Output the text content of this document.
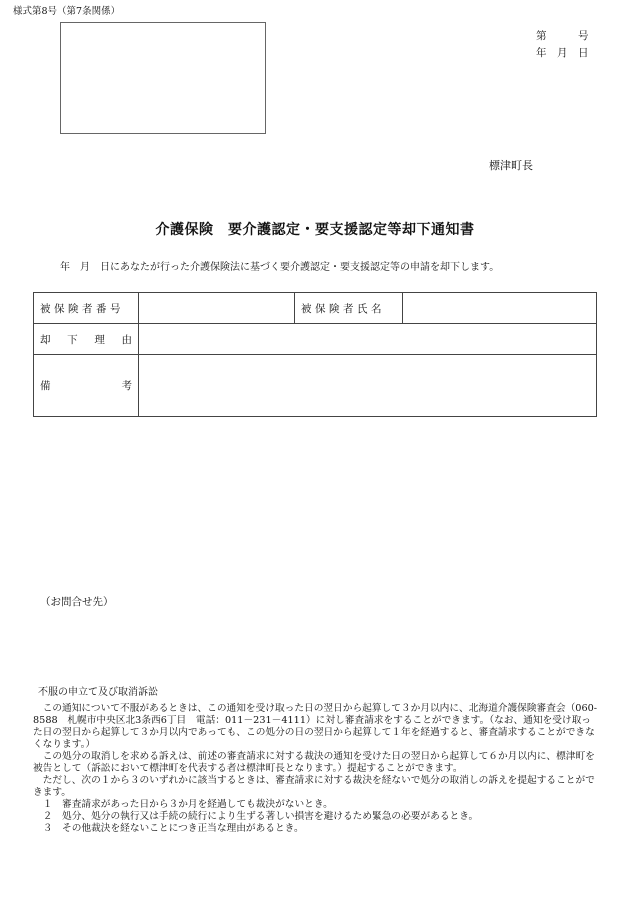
様式第8号（第7条関係）
第　　　号
年　月　日
標津町長
介護保険　要介護認定・要支援認定等却下通知書
年　月　日にあなたが行った介護保険法に基づく要介護認定・要支援認定等の申請を却下します。
被保険者番号		被保険者氏名	

却 下 理 由			

備 考			

（お問合せ先）
不服の申立て及び取消訴訟

この通知について不服があるときは、この通知を受け取った日の翌日から起算して３か月以内に、北海道介護保険審査会（060-8588　札幌市中央区北3条西6丁目　電話：011－231－4111）に対し審査請求をすることができます。（なお、通知を受け取った日の翌日から起算して３か月以内であっても、この処分の日の翌日から起算して１年を経過すると、審査請求することができなくなります。）

この処分の取消しを求める訴えは、前述の審査請求に対する裁決の通知を受けた日の翌日から起算して６か月以内に、標津町を被告として（訴訟において標津町を代表する者は標津町長となります。）提起することができます。

ただし、次の１から３のいずれかに該当するときは、審査請求に対する裁決を経ないで処分の取消しの訴えを提起することができます。

１　審査請求があった日から３か月を経過しても裁決がないとき。

２　処分、処分の執行又は手続の続行により生ずる著しい損害を避けるため緊急の必要があるとき。

３　その他裁決を経ないことにつき正当な理由があるとき。
